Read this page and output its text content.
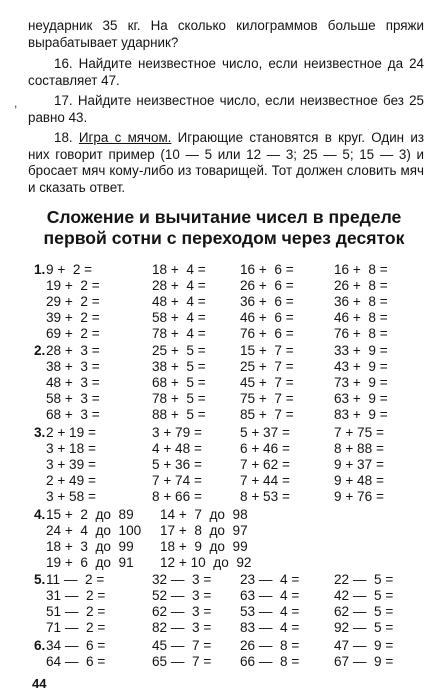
неударник 35 кг. На сколько килограммов больше пряжи вырабатывает ударник?

16. Найдите неизвестное число, если неизвестное да 24 составляет 47.

17. Найдите неизвестное число, если неизвестное без 25 равно 43.

18. Игра с мячом. Играющие становятся в круг. Один из них говорит пример (10 — 5 или 12 — 3; 25 — 5; 15 — 3) и бросает мяч кому-либо из товарищей. Тот должен словить мяч и сказать ответ.

,
Сложение и вычитание чисел в пределе
первой сотни с переходом через десяток
1. 9 +  2 =	18 +  4 =	16 +  6 =	16 +  8 =
19 +  2 =	28 +  4 =	26 +  6 =	26 +  8 =
29 +  2 =	48 +  4 =	36 +  6 =	36 +  8 =
39 +  2 =	58 +  4 =	46 +  6 =	46 +  8 =
69 +  2 =	78 +  4 =	76 +  6 =	76 +  8 =
2. 28 +  3 =	25 +  5 =	15 +  7 =	33 +  9 =
38 +  3 =	38 +  5 =	25 +  7 =	43 +  9 =
48 +  3 =	68 +  5 =	45 +  7 =	73 +  9 =
58 +  3 =	78 +  5 =	75 +  7 =	63 +  9 =
68 +  3 =	88 +  5 =	85 +  7 =	83 +  9 =
3. 2 + 19 =	3 + 79 =	5 + 37 =	7 + 75 =
3 + 18 =	4 + 48 =	6 + 46 =	8 + 88 =
3 + 39 =	5 + 36 =	7 + 62 =	9 + 37 =
2 + 49 =	7 + 74 =	7 + 44 =	9 + 48 =
3 + 58 =	8 + 66 =	8 + 53 =	9 + 76 =
4. 15 +  2  до  89 14 +  7  до  98
24 +  4  до  100 17 +  8  до  97
18 +  3  до  99 18 +  9  до  99
19 +  6  до  91 12 + 10  до  92
5. 11 —  2 =	32 —  3 = 23 —  4 =	22 —  5 =
31 —  2 =	52 —  3 = 63 —  4 =	42 —  5 =
51 —  2 =	62 —  3 = 53 —  4 =	62 —  5 =
71 —  2 =	82 —  3 = 83 —  4 =	92 —  5 =
6. 34 —  6 =	45 —  7 = 26 —  8 =	47 —  9 =
64 —  6 =	65 —  7 = 66 —  8 =	67 —  9 =
44
